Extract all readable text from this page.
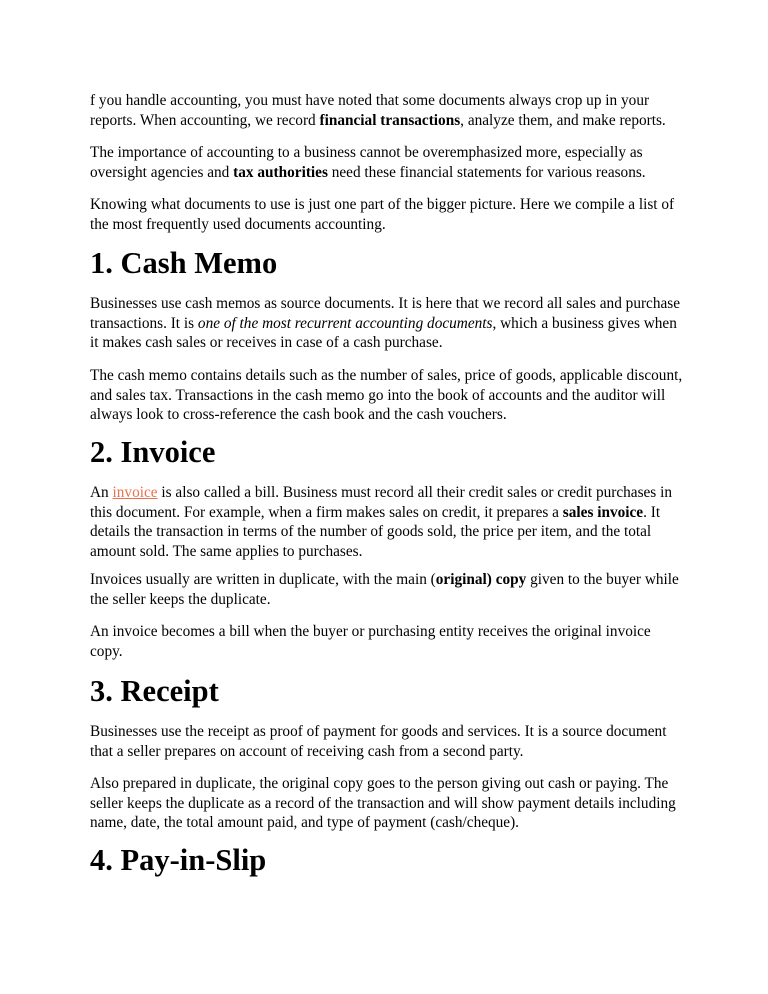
f you handle accounting, you must have noted that some documents always crop up in your
reports. When accounting, we record financial transactions, analyze them, and make reports.

The importance of accounting to a business cannot be overemphasized more, especially as
oversight agencies and tax authorities need these financial statements for various reasons.

Knowing what documents to use is just one part of the bigger picture. Here we compile a list of
the most frequently used documents accounting.

1. Cash Memo

Businesses use cash memos as source documents. It is here that we record all sales and purchase
transactions. It is one of the most recurrent accounting documents, which a business gives when
it makes cash sales or receives in case of a cash purchase.

The cash memo contains details such as the number of sales, price of goods, applicable discount,
and sales tax. Transactions in the cash memo go into the book of accounts and the auditor will
always look to cross-reference the cash book and the cash vouchers.

2. Invoice

An invoice is also called a bill. Business must record all their credit sales or credit purchases in
this document. For example, when a firm makes sales on credit, it prepares a sales invoice. It
details the transaction in terms of the number of goods sold, the price per item, and the total
amount sold. The same applies to purchases.

Invoices usually are written in duplicate, with the main (original) copy given to the buyer while
the seller keeps the duplicate.

An invoice becomes a bill when the buyer or purchasing entity receives the original invoice
copy.

3. Receipt

Businesses use the receipt as proof of payment for goods and services. It is a source document
that a seller prepares on account of receiving cash from a second party.

Also prepared in duplicate, the original copy goes to the person giving out cash or paying. The
seller keeps the duplicate as a record of the transaction and will show payment details including
name, date, the total amount paid, and type of payment (cash/cheque).

4. Pay-in-Slip
